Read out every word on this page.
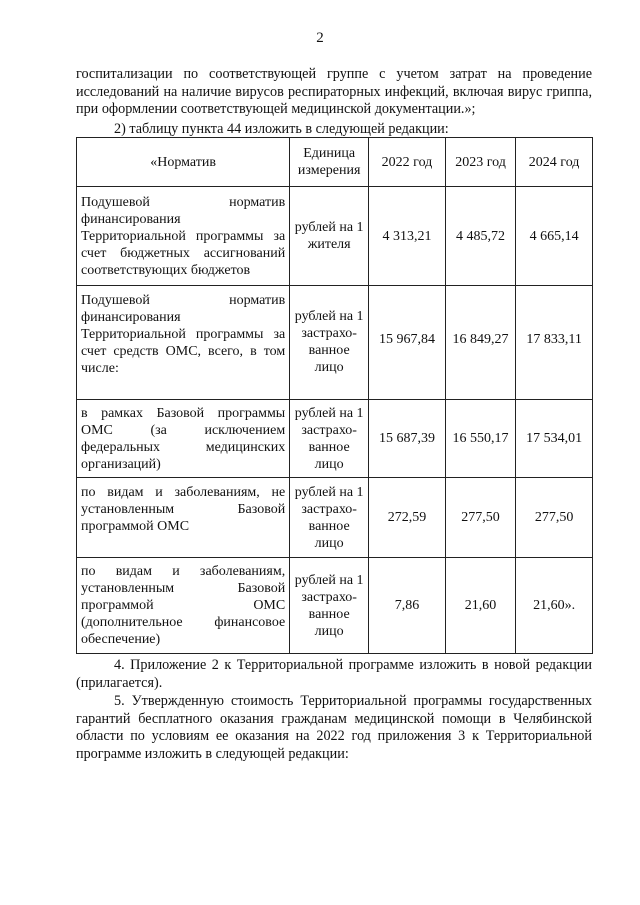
2

госпитализации по соответствующей группе с учетом затрат на проведение исследований на наличие вирусов респираторных инфекций, включая вирус гриппа, при оформлении соответствующей медицинской документации.»;

2) таблицу пункта 44 изложить в следующей редакции:

«Норматив	Единица измерения	2022 год	2023 год	2024 год
Подушевой норматив финансирования Территориальной программы за счет бюджетных ассигнований соответствующих бюджетов	рублей на 1 жителя	4 313,21	4 485,72	4 665,14
Подушевой норматив финансирования Территориальной программы за счет средств ОМС, всего, в том числе:	рублей на 1 застрахо-ванное лицо	15 967,84	16 849,27	17 833,11
в рамках Базовой программы ОМС (за исключением федеральных медицинских организаций)	рублей на 1 застрахо-ванное лицо	15 687,39	16 550,17	17 534,01
по видам и заболеваниям, не установленным Базовой программой ОМС	рублей на 1 застрахо-ванное лицо	272,59	277,50	277,50
по видам и заболеваниям, установленным Базовой программой ОМС (дополнительное финансовое обеспечение)	рублей на 1 застрахо-ванное лицо	7,86	21,60	21,60».

4. Приложение 2 к Территориальной программе изложить в новой редакции (прилагается).

5. Утвержденную стоимость Территориальной программы государственных гарантий бесплатного оказания гражданам медицинской помощи в Челябинской области по условиям ее оказания на 2022 год приложения 3 к Территориальной программе изложить в следующей редакции:
